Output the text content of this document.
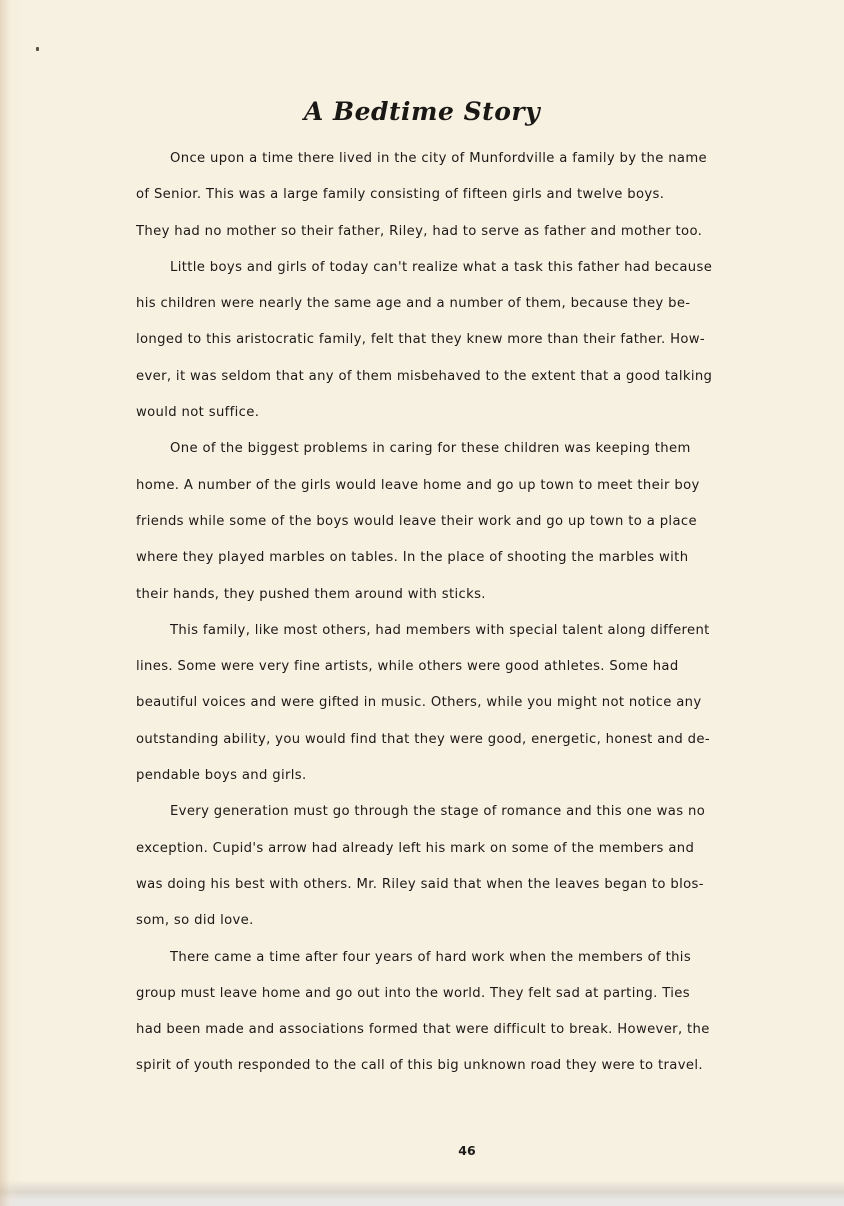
A Bedtime Story

Once upon a time there lived in the city of Munfordville a family by the name
of Senior. This was a large family consisting of fifteen girls and twelve boys.
They had no mother so their father, Riley, had to serve as father and mother too.

Little boys and girls of today can't realize what a task this father had because
his children were nearly the same age and a number of them, because they be-
longed to this aristocratic family, felt that they knew more than their father. How-
ever, it was seldom that any of them misbehaved to the extent that a good talking
would not suffice.

One of the biggest problems in caring for these children was keeping them
home. A number of the girls would leave home and go up town to meet their boy
friends while some of the boys would leave their work and go up town to a place
where they played marbles on tables. In the place of shooting the marbles with
their hands, they pushed them around with sticks.

This family, like most others, had members with special talent along different
lines. Some were very fine artists, while others were good athletes. Some had
beautiful voices and were gifted in music. Others, while you might not notice any
outstanding ability, you would find that they were good, energetic, honest and de-
pendable boys and girls.

Every generation must go through the stage of romance and this one was no
exception. Cupid's arrow had already left his mark on some of the members and
was doing his best with others. Mr. Riley said that when the leaves began to blos-
som, so did love.

There came a time after four years of hard work when the members of this
group must leave home and go out into the world. They felt sad at parting. Ties
had been made and associations formed that were difficult to break. However, the
spirit of youth responded to the call of this big unknown road they were to travel.

46
